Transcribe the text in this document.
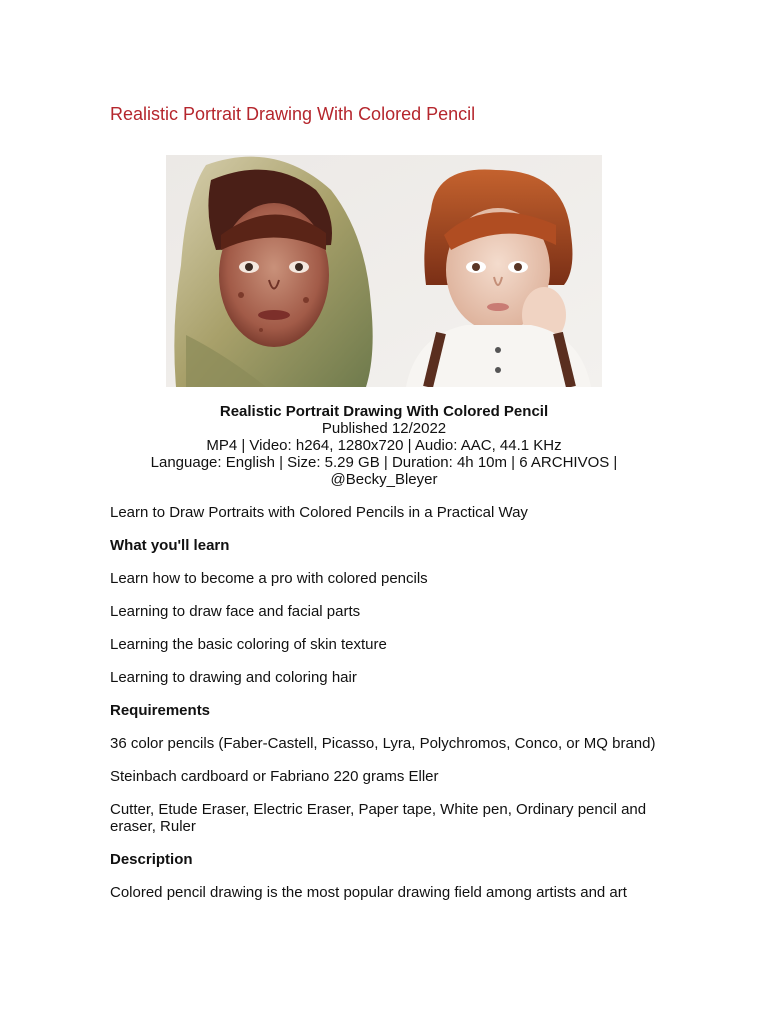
Realistic Portrait Drawing With Colored Pencil
Realistic Portrait Drawing With Colored Pencil
Published 12/2022
MP4 | Video: h264, 1280x720 | Audio: AAC, 44.1 KHz
Language: English | Size: 5.29 GB | Duration: 4h 10m | 6 ARCHIVOS |
@Becky_Bleyer

Learn to Draw Portraits with Colored Pencils in a Practical Way

What you'll learn

Learn how to become a pro with colored pencils

Learning to draw face and facial parts

Learning the basic coloring of skin texture

Learning to drawing and coloring hair

Requirements

36 color pencils (Faber-Castell, Picasso, Lyra, Polychromos, Conco, or MQ brand)

Steinbach cardboard or Fabriano 220 grams Eller

Cutter, Etude Eraser, Electric Eraser, Paper tape, White pen, Ordinary pencil and eraser, Ruler

Description

Colored pencil drawing is the most popular drawing field among artists and art
